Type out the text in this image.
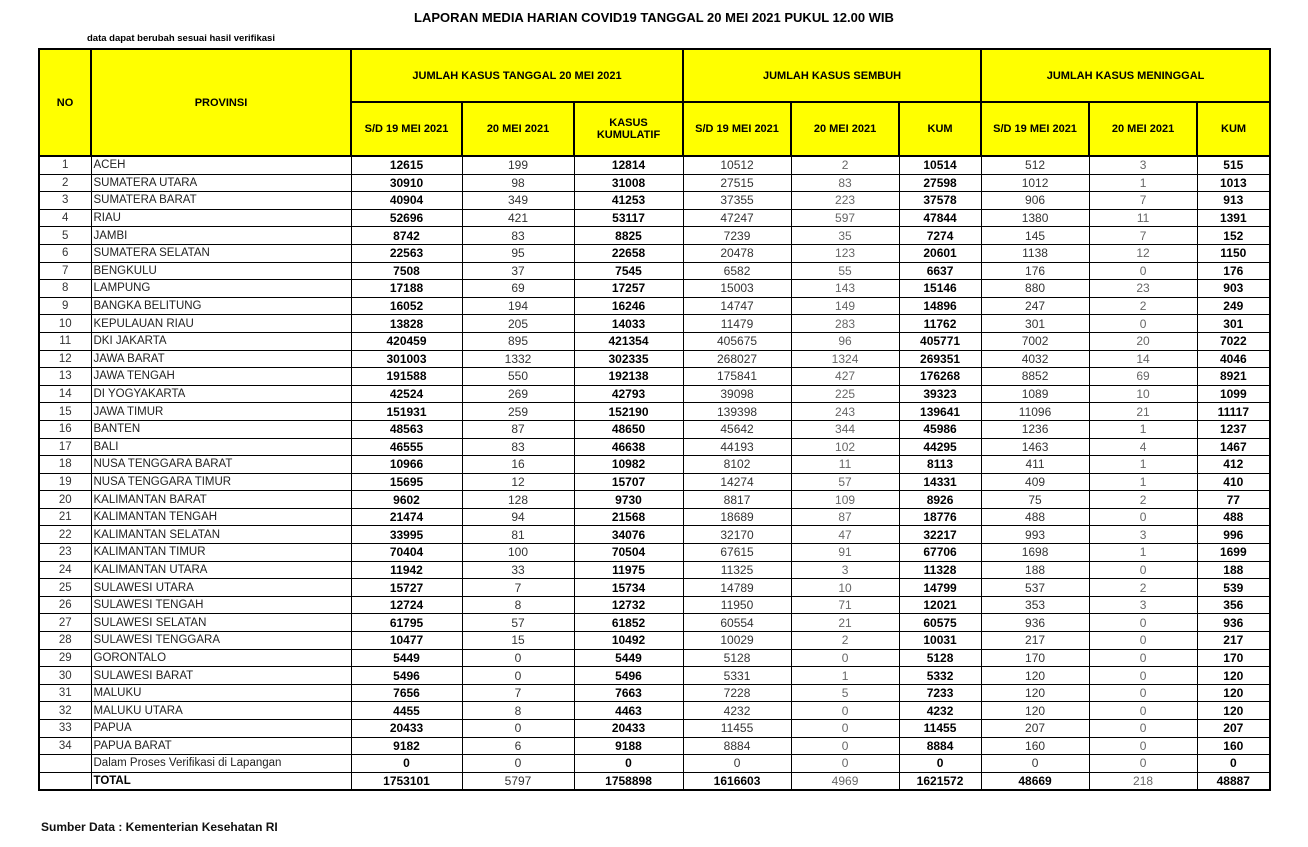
LAPORAN MEDIA HARIAN COVID19 TANGGAL 20 MEI 2021 PUKUL 12.00 WIB
data dapat berubah sesuai hasil verifikasi
NO	PROVINSI	JUMLAH KASUS TANGGAL 20 MEI 2021			JUMLAH KASUS SEMBUH			JUMLAH KASUS MENINGGAL		
		S/D 19 MEI 2021	20 MEI 2021	KASUS KUMULATIF	S/D 19 MEI 2021	20 MEI 2021	KUM	S/D 19 MEI 2021	20 MEI 2021	KUM
1	ACEH	12615	199	12814	10512	2	10514	512	3	515
2	SUMATERA UTARA	30910	98	31008	27515	83	27598	1012	1	1013
3	SUMATERA BARAT	40904	349	41253	37355	223	37578	906	7	913
4	RIAU	52696	421	53117	47247	597	47844	1380	11	1391
5	JAMBI	8742	83	8825	7239	35	7274	145	7	152
6	SUMATERA SELATAN	22563	95	22658	20478	123	20601	1138	12	1150
7	BENGKULU	7508	37	7545	6582	55	6637	176	0	176
8	LAMPUNG	17188	69	17257	15003	143	15146	880	23	903
9	BANGKA BELITUNG	16052	194	16246	14747	149	14896	247	2	249
10	KEPULAUAN RIAU	13828	205	14033	11479	283	11762	301	0	301
11	DKI JAKARTA	420459	895	421354	405675	96	405771	7002	20	7022
12	JAWA BARAT	301003	1332	302335	268027	1324	269351	4032	14	4046
13	JAWA TENGAH	191588	550	192138	175841	427	176268	8852	69	8921
14	DI YOGYAKARTA	42524	269	42793	39098	225	39323	1089	10	1099
15	JAWA TIMUR	151931	259	152190	139398	243	139641	11096	21	11117
16	BANTEN	48563	87	48650	45642	344	45986	1236	1	1237
17	BALI	46555	83	46638	44193	102	44295	1463	4	1467
18	NUSA TENGGARA BARAT	10966	16	10982	8102	11	8113	411	1	412
19	NUSA TENGGARA TIMUR	15695	12	15707	14274	57	14331	409	1	410
20	KALIMANTAN BARAT	9602	128	9730	8817	109	8926	75	2	77
21	KALIMANTAN TENGAH	21474	94	21568	18689	87	18776	488	0	488
22	KALIMANTAN SELATAN	33995	81	34076	32170	47	32217	993	3	996
23	KALIMANTAN TIMUR	70404	100	70504	67615	91	67706	1698	1	1699
24	KALIMANTAN UTARA	11942	33	11975	11325	3	11328	188	0	188
25	SULAWESI UTARA	15727	7	15734	14789	10	14799	537	2	539
26	SULAWESI TENGAH	12724	8	12732	11950	71	12021	353	3	356
27	SULAWESI SELATAN	61795	57	61852	60554	21	60575	936	0	936
28	SULAWESI TENGGARA	10477	15	10492	10029	2	10031	217	0	217
29	GORONTALO	5449	0	5449	5128	0	5128	170	0	170
30	SULAWESI BARAT	5496	0	5496	5331	1	5332	120	0	120
31	MALUKU	7656	7	7663	7228	5	7233	120	0	120
32	MALUKU UTARA	4455	8	4463	4232	0	4232	120	0	120
33	PAPUA	20433	0	20433	11455	0	11455	207	0	207
34	PAPUA BARAT	9182	6	9188	8884	0	8884	160	0	160
	Dalam Proses Verifikasi di Lapangan	0	0	0	0	0	0	0	0	0
	TOTAL	1753101	5797	1758898	1616603	4969	1621572	48669	218	48887
Sumber Data : Kementerian Kesehatan RI
